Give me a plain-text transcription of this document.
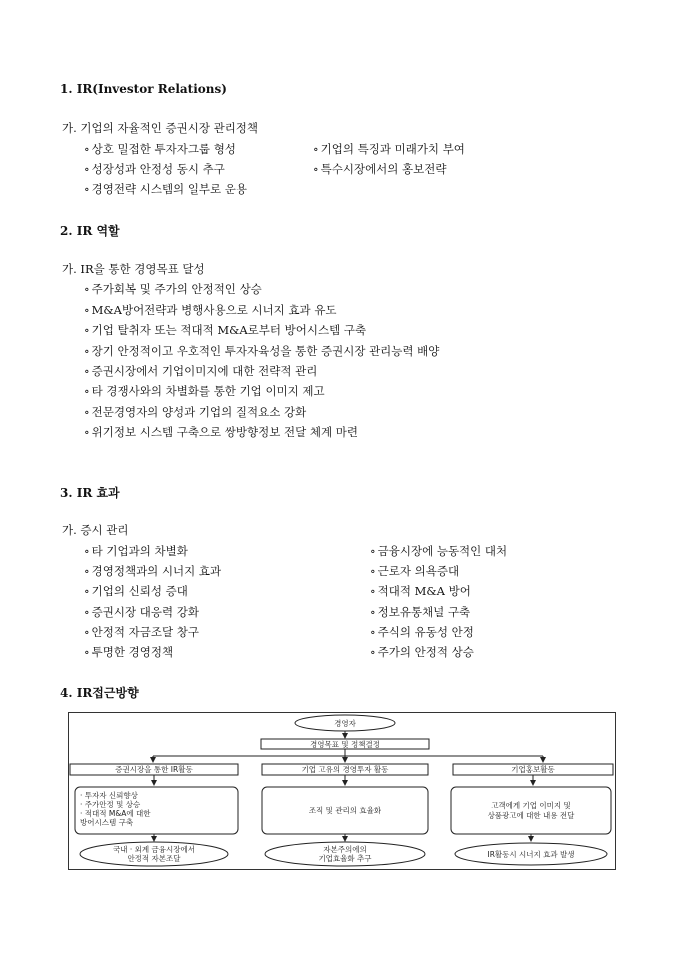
1. IR(Investor Relations)
가. 기업의 자율적인 증권시장 관리정책
∘ 상호 밀접한 투자자그룹 형성
∘ 성장성과 안정성 동시 추구
∘ 경영전략 시스템의 일부로 운용
∘ 기업의 특징과 미래가치 부여
∘ 특수시장에서의 홍보전략
2. IR 역할
가. IR을 통한 경영목표 달성
∘ 주가회복 및 주가의 안정적인 상승
∘ M&A방어전략과 병행사용으로 시너지 효과 유도
∘ 기업 탈취자 또는 적대적 M&A로부터 방어시스템 구축
∘ 장기 안정적이고 우호적인 투자자육성을 통한 증권시장 관리능력 배양
∘ 증권시장에서 기업이미지에 대한 전략적 관리
∘ 타 경쟁사와의 차별화를 통한 기업 이미지 제고
∘ 전문경영자의 양성과 기업의 질적요소 강화
∘ 위기정보 시스템 구축으로 쌍방향정보 전달 체계 마련
3. IR 효과
가. 증시 관리
∘ 타 기업과의 차별화
∘ 경영정책과의 시너지 효과
∘ 기업의 신뢰성 증대
∘ 증권시장 대응력 강화
∘ 안정적 자금조달 창구
∘ 투명한 경영정책
∘ 금융시장에 능동적인 대처
∘ 근로자 의욕증대
∘ 적대적 M&A 방어
∘ 정보유통채널 구축
∘ 주식의 유동성 안정
∘ 주가의 안정적 상승
4. IR접근방향
경영자
경영목표 및 정책결정
증권시장을 통한 IR활동	기업 고유의 경영투자 활동	기업홍보활동
· 투자자 신뢰향상
· 주가안정 및 상승
· 적대적 M&A에 대한
방어시스템 구축
조직 및 관리의 효율화
고객에게 기업 이미지 및
상품광고에 대한 내용 전달
국내 · 외계 금융시장에서
안정적 자본조달
자본주의에의
기업효율화 추구	IR활동시 시너지 효과 발생
